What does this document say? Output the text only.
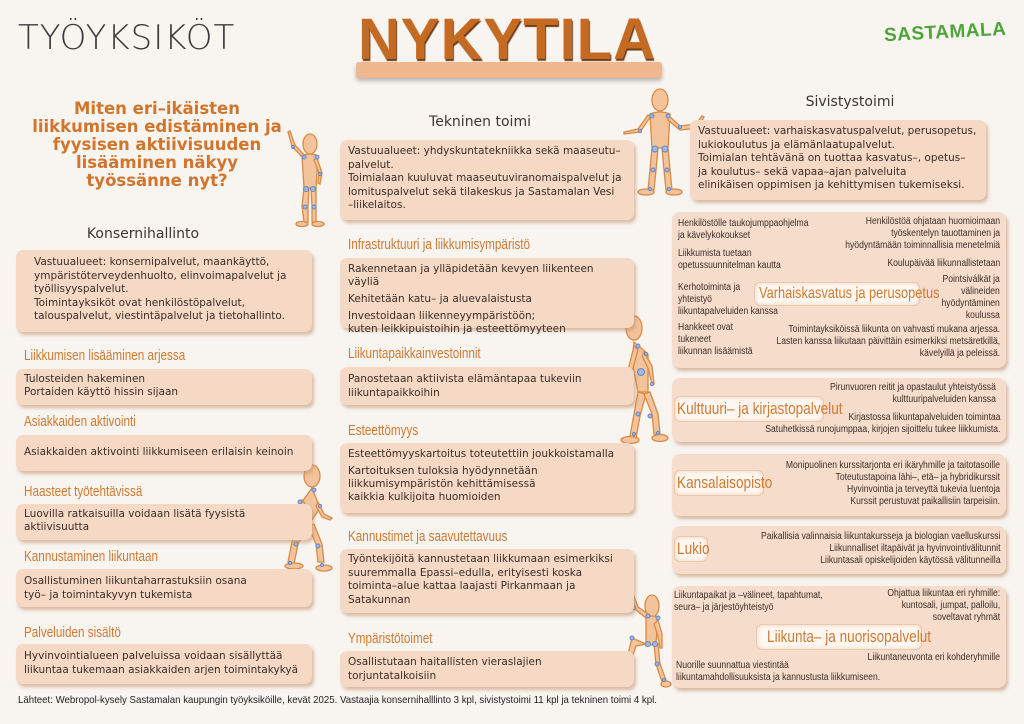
TYÖYKSIKÖT NYKYTILA	SASTAMALA
Miten eri–ikäisten liikkumisen edistäminen ja fyysisen aktiivisuuden lisääminen näkyy työssänne nyt?
Konsernihallinto
Vastuualueet: konsernipalvelut, maankäyttö,
ympäristöterveydenhuolto, elinvoimapalvelut ja
työllisyyspalvelut.
Toimintayksiköt ovat henkilöstöpalvelut,
talouspalvelut, viestintäpalvelut ja tietohallinto.
Liikkumisen lisääminen arjessa
Tulosteiden hakeminen
Portaiden käyttö hissin sijaan
Asiakkaiden aktivointi
Asiakkaiden aktivointi liikkumiseen erilaisin keinoin
Haasteet työtehtävissä
Luovilla ratkaisuilla voidaan lisätä fyysistä
aktiivisuutta
Kannustaminen liikuntaan
Osallistuminen liikuntaharrastuksiin osana
työ– ja toimintakyvyn tukemista
Palveluiden sisältö
Hyvinvointialueen palveluissa voidaan sisällyttää
liikuntaa tukemaan asiakkaiden arjen toimintakykyä
Tekninen toimi
Vastuualueet: yhdyskuntatekniikka sekä maaseutu–
palvelut.
Toimialaan kuuluvat maaseutuviranomaispalvelut ja
lomituspalvelut sekä tilakeskus ja Sastamalan Vesi
–liikelaitos.
Infrastruktuuri ja liikkumisympäristö
Rakennetaan ja ylläpidetään kevyen liikenteen väyliä
Kehitetään katu– ja aluevalaistusta
Investoidaan liikenneyympäristöön;
kuten leikkipuistoihin ja esteettömyyteen
Liikuntapaikkainvestoinnit
Panostetaan aktiivista elämäntapaa tukeviin
liikuntapaikkoihin
Esteettömyys
Esteettömyyskartoitus toteutettiin joukkoistamalla
Kartoituksen tuloksia hyödynnetään
liikkumisympäristön kehittämisessä
kaikkia kulkijoita huomioiden
Kannustimet ja saavutettavuus
Työntekijöitä kannustetaan liikkumaan esimerkiksi
suuremmalla Epassi–edulla, erityisesti koska
toiminta–alue kattaa laajasti Pirkanmaan ja
Satakunnan
Ympäristötoimet
Osallistutaan haitallisten vieraslajien
torjuntatalkoisiin
Sivistystoimi
Vastuualueet: varhaiskasvatuspalvelut, perusopetus,
lukiokoulutus ja elämänlaatupalvelut.
Toimialan tehtävänä on tuottaa kasvatus–, opetus–
ja koulutus– sekä vapaa–ajan palveluita
elinikäisen oppimisen ja kehittymisen tukemiseksi.
Henkilöstölle taukojumppaohjelma
ja kävelykokoukset
Liikkumista tuetaan
opetussuunnitelman kautta
Kerhotoiminta ja
yhteistyö
liikuntapalveluiden kanssa
Hankkeet ovat
tukeneet
liikunnan lisäämistä
Henkilöstöä ohjataan huomioimaan
työskentelyn tauottaminen ja
hyödyntämään toiminnallisia menetelmiä
Koulupäivää liikunnallistetaan
Pointsiválkät ja
välineiden
hyödyntäminen
koulussa
Toimintayksiköissä liikunta on vahvasti mukana arjessa.
Lasten kanssa liikutaan päivittäin esimerkiksi metsäretkillä,
kävelyillä ja peleissä.
Varhaiskasvatus ja perusopetus
Kulttuuri– ja kirjastopalvelut
Pirunvuoren reitit ja opastaulut yhteistyössä
kulttuuripalveluiden kanssa
Kirjastossa liikuntapalveluiden toimintaa
Satuhetkissä runojumppaa, kirjojen sijoittelu tukee liikkumista.
Kansalaisopisto
Monipuolinen kurssitarjonta eri ikäryhmille ja taitotasoille
Toteutustapoina lähi–, etä– ja hybridikurssit
Hyvinvointia ja terveyttä tukevia luentoja
Kurssit perustuvat paikallisiin tarpeisiin.
Lukio
Paikallisia valinnaisia liikuntakursseja ja biologian vaelluskurssi
Liikunnalliset iltapäivät ja hyvinvointivälitunnit
Liikuntasali opiskelijoiden käytössä välitunneilla
Liikuntapaikat ja –välineet, tapahtumat,
seura– ja järjestöyhteistyö
Ohjattua liikuntaa eri ryhmille:
kuntosali, jumpat, palloilu,
soveltavat ryhmät
Liikunta– ja nuorisopalvelut
Liikuntaneuvonta eri kohderyhmille
Nuorille suunnattua viestintää
liikuntamahdollisuuksista ja kannustusta liikkumiseen.
Lähteet: Webropol-kysely Sastamalan kaupungin työyksiköille, kevät 2025. Vastaajia konsernihalllinto 3 kpl, sivistystoimi 11 kpl ja tekninen toimi 4 kpl.
